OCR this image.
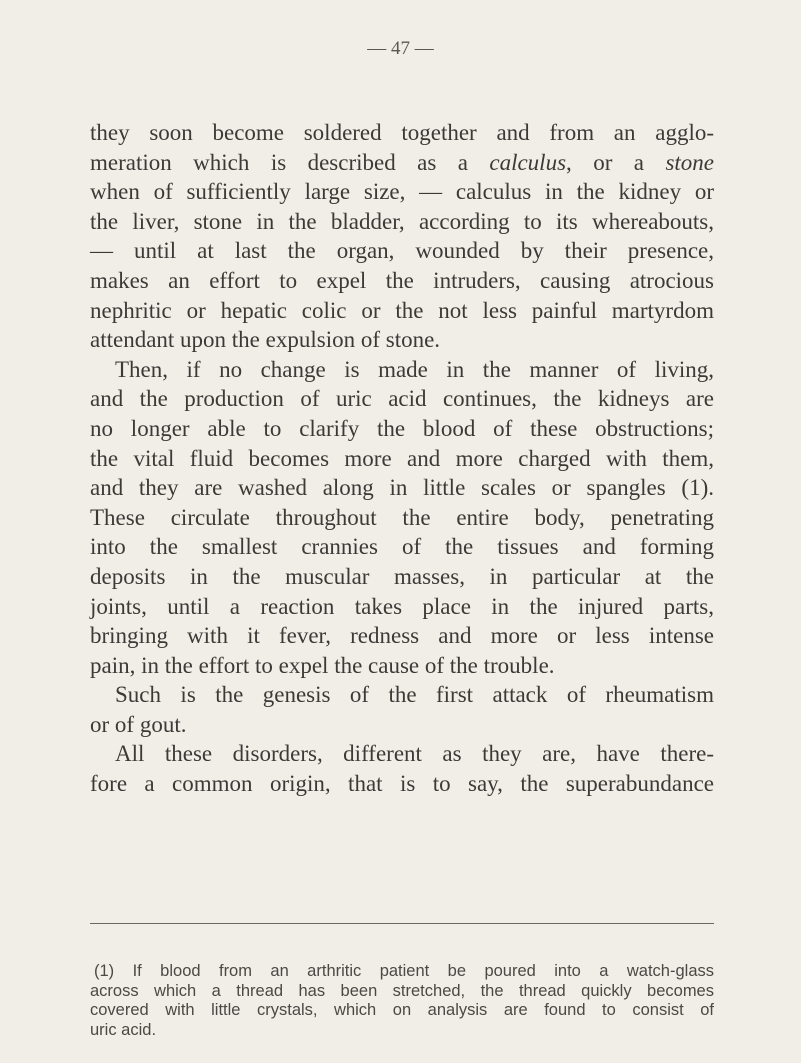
— 47 —
they soon become soldered together and from an agglo-
meration which is described as a calculus, or a stone
when of sufficiently large size, — calculus in the kidney or
the liver, stone in the bladder, according to its whereabouts,
— until at last the organ, wounded by their presence,
makes an effort to expel the intruders, causing atrocious
nephritic or hepatic colic or the not less painful martyrdom
attendant upon the expulsion of stone.
Then, if no change is made in the manner of living,
and the production of uric acid continues, the kidneys are
no longer able to clarify the blood of these obstructions;
the vital fluid becomes more and more charged with them,
and they are washed along in little scales or spangles (1).
These circulate throughout the entire body, penetrating
into the smallest crannies of the tissues and forming
deposits in the muscular masses, in particular at the
joints, until a reaction takes place in the injured parts,
bringing with it fever, redness and more or less intense
pain, in the effort to expel the cause of the trouble.
Such is the genesis of the first attack of rheumatism
or of gout.
All these disorders, different as they are, have there-
fore a common origin, that is to say, the superabundance
(1) If blood from an arthritic patient be poured into a watch-glass
across which a thread has been stretched, the thread quickly becomes
covered with little crystals, which on analysis are found to consist of
uric acid.
